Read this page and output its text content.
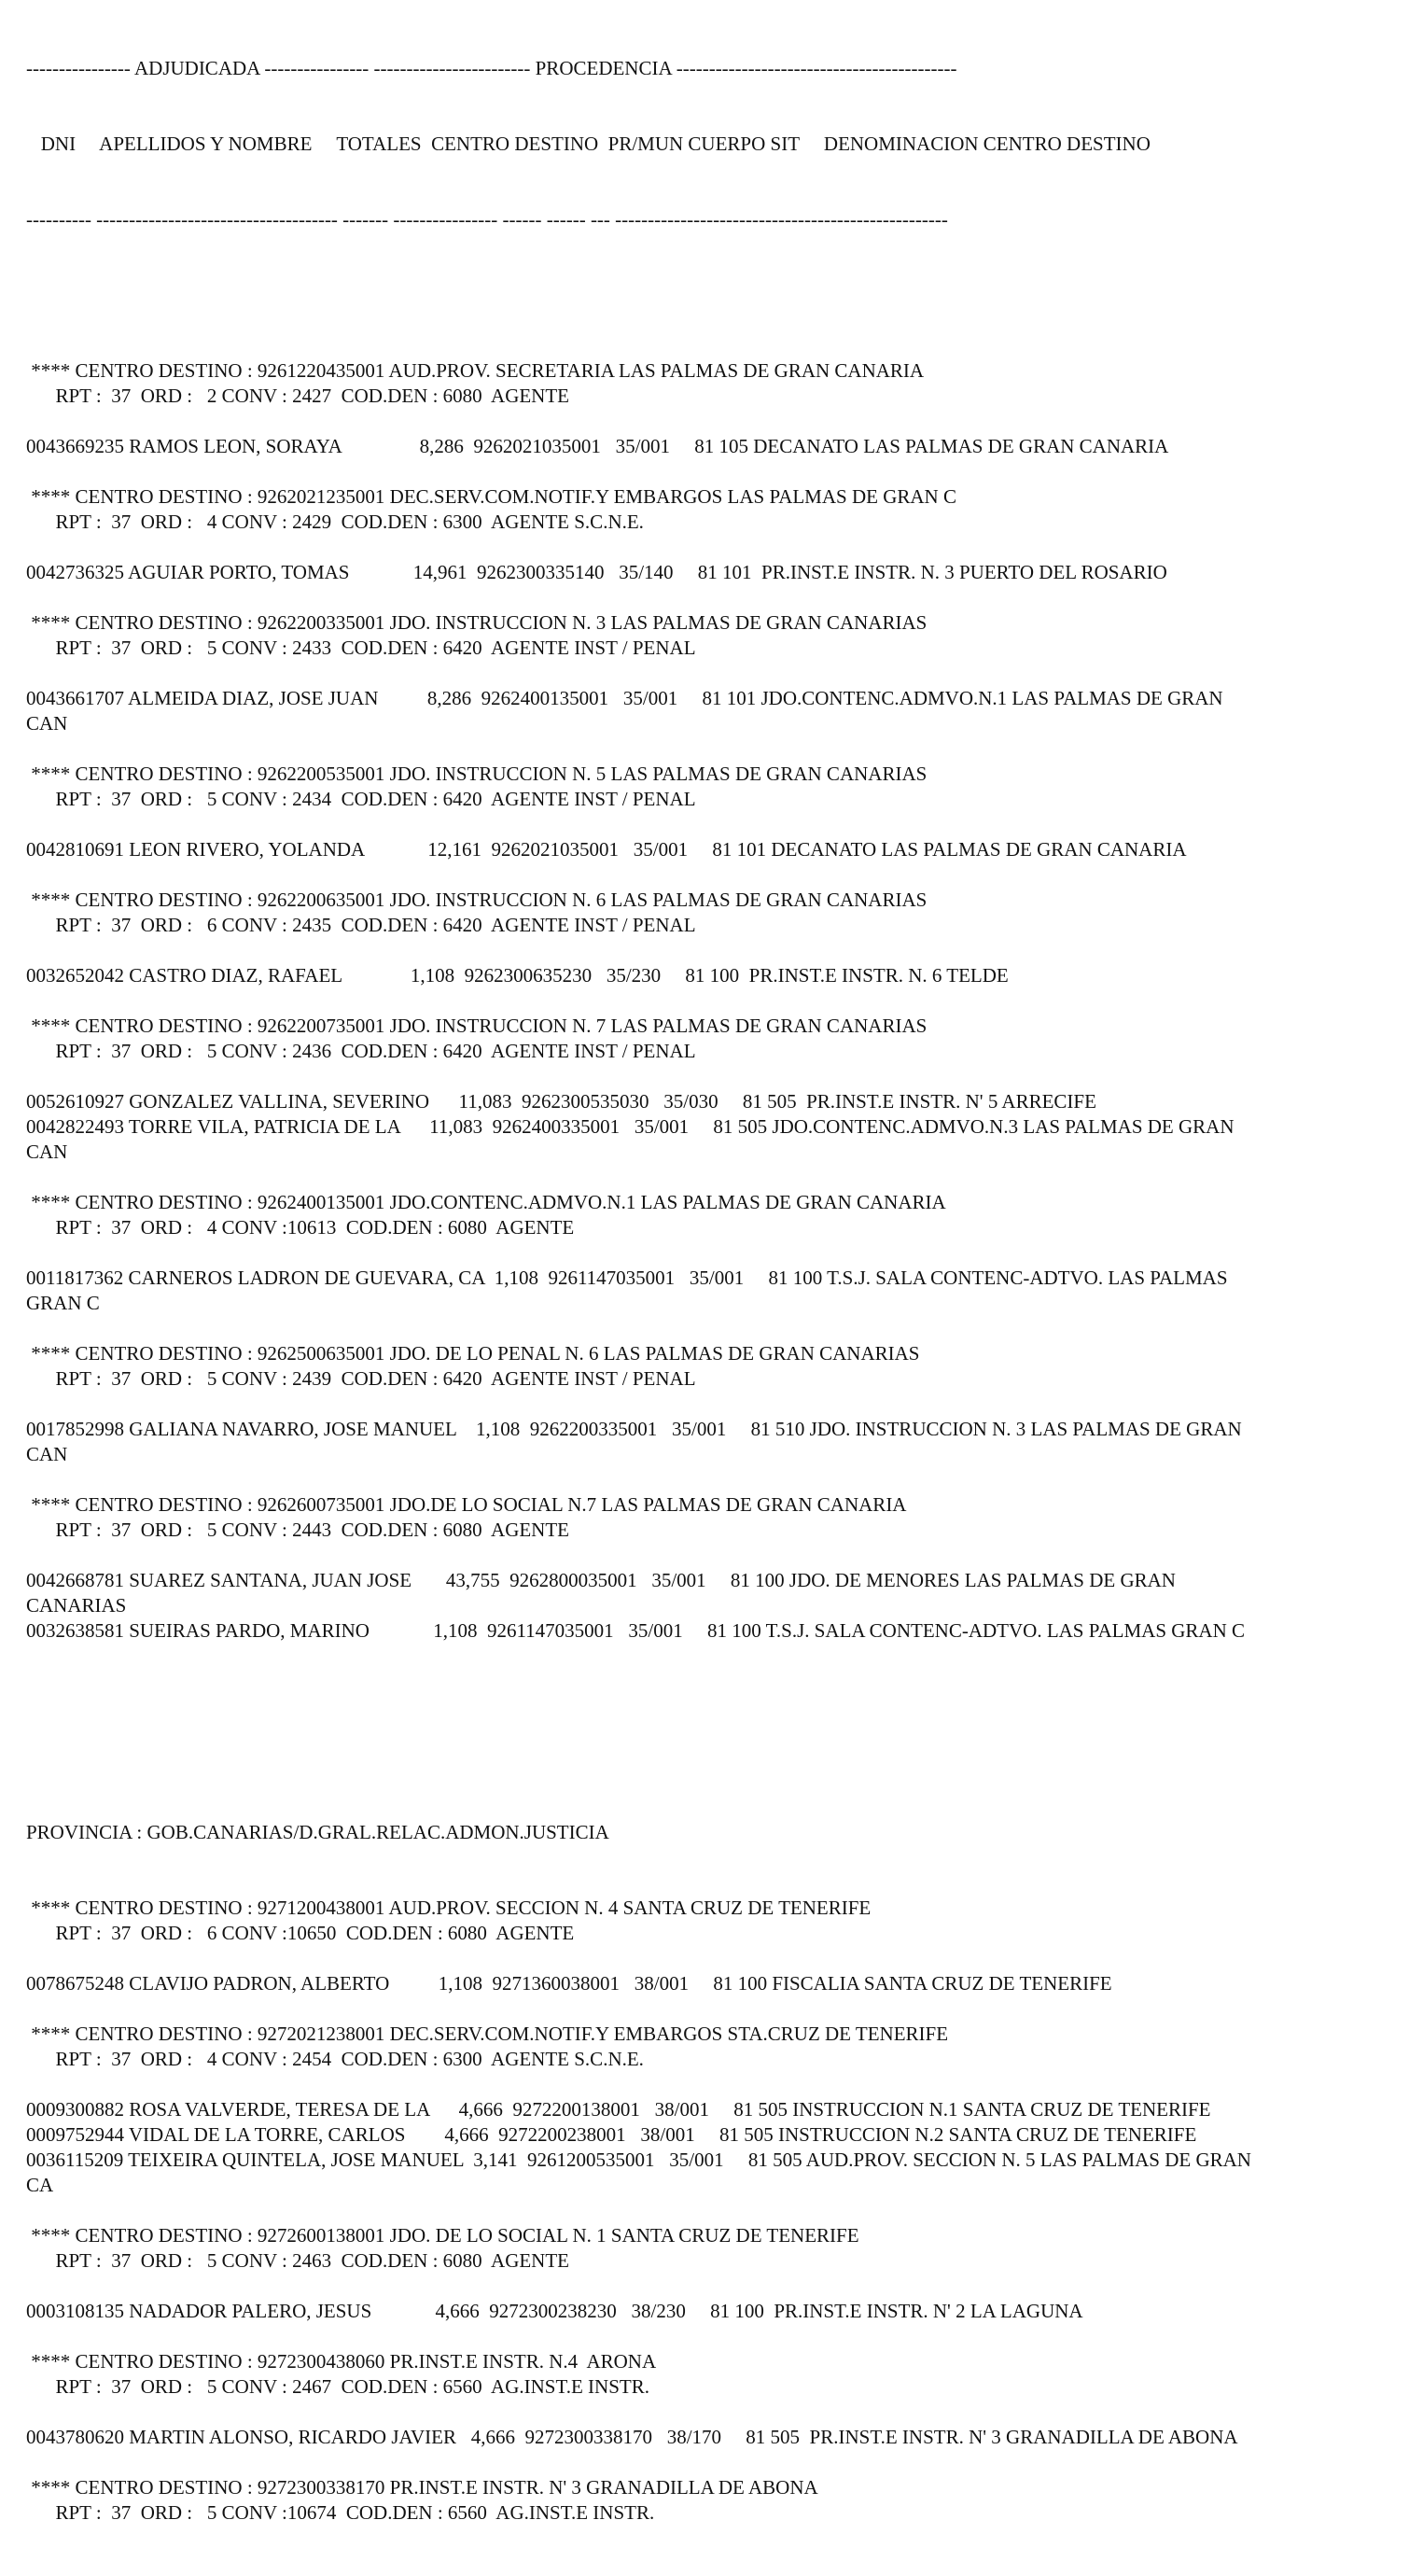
---------------- ADJUDICADA ---------------- ------------------------ PROCEDENCIA -------------------------------------------

DNI     APELLIDOS Y NOMBRE     TOTALES  CENTRO DESTINO  PR/MUN CUERPO SIT     DENOMINACION CENTRO DESTINO

---------- ------------------------------------- ------- ---------------- ------ ------ --- ---------------------------------------------------

**** CENTRO DESTINO : 9261220435001 AUD.PROV. SECRETARIA LAS PALMAS DE GRAN CANARIA
RPT :  37  ORD :   2 CONV : 2427  COD.DEN : 6080  AGENTE
0043669235 RAMOS LEON, SORAYA                8,286  9262021035001   35/001     81 105 DECANATO LAS PALMAS DE GRAN CANARIA
**** CENTRO DESTINO : 9262021235001 DEC.SERV.COM.NOTIF.Y EMBARGOS LAS PALMAS DE GRAN C
RPT :  37  ORD :   4 CONV : 2429  COD.DEN : 6300  AGENTE S.C.N.E.
0042736325 AGUIAR PORTO, TOMAS             14,961  9262300335140   35/140     81 101  PR.INST.E INSTR. N. 3 PUERTO DEL ROSARIO
**** CENTRO DESTINO : 9262200335001 JDO. INSTRUCCION N. 3 LAS PALMAS DE GRAN CANARIAS
RPT :  37  ORD :   5 CONV : 2433  COD.DEN : 6420  AGENTE INST / PENAL
0043661707 ALMEIDA DIAZ, JOSE JUAN          8,286  9262400135001   35/001     81 101 JDO.CONTENC.ADMVO.N.1 LAS PALMAS DE GRAN
CAN
**** CENTRO DESTINO : 9262200535001 JDO. INSTRUCCION N. 5 LAS PALMAS DE GRAN CANARIAS
RPT :  37  ORD :   5 CONV : 2434  COD.DEN : 6420  AGENTE INST / PENAL
0042810691 LEON RIVERO, YOLANDA             12,161  9262021035001   35/001     81 101 DECANATO LAS PALMAS DE GRAN CANARIA
**** CENTRO DESTINO : 9262200635001 JDO. INSTRUCCION N. 6 LAS PALMAS DE GRAN CANARIAS
RPT :  37  ORD :   6 CONV : 2435  COD.DEN : 6420  AGENTE INST / PENAL
0032652042 CASTRO DIAZ, RAFAEL              1,108  9262300635230   35/230     81 100  PR.INST.E INSTR. N. 6 TELDE
**** CENTRO DESTINO : 9262200735001 JDO. INSTRUCCION N. 7 LAS PALMAS DE GRAN CANARIAS
RPT :  37  ORD :   5 CONV : 2436  COD.DEN : 6420  AGENTE INST / PENAL
0052610927 GONZALEZ VALLINA, SEVERINO      11,083  9262300535030   35/030     81 505  PR.INST.E INSTR. N' 5 ARRECIFE
0042822493 TORRE VILA, PATRICIA DE LA      11,083  9262400335001   35/001     81 505 JDO.CONTENC.ADMVO.N.3 LAS PALMAS DE GRAN
CAN
**** CENTRO DESTINO : 9262400135001 JDO.CONTENC.ADMVO.N.1 LAS PALMAS DE GRAN CANARIA
RPT :  37  ORD :   4 CONV :10613  COD.DEN : 6080  AGENTE
0011817362 CARNEROS LADRON DE GUEVARA, CA  1,108  9261147035001   35/001     81 100 T.S.J. SALA CONTENC-ADTVO. LAS PALMAS
GRAN C
**** CENTRO DESTINO : 9262500635001 JDO. DE LO PENAL N. 6 LAS PALMAS DE GRAN CANARIAS
RPT :  37  ORD :   5 CONV : 2439  COD.DEN : 6420  AGENTE INST / PENAL
0017852998 GALIANA NAVARRO, JOSE MANUEL    1,108  9262200335001   35/001     81 510 JDO. INSTRUCCION N. 3 LAS PALMAS DE GRAN
CAN
**** CENTRO DESTINO : 9262600735001 JDO.DE LO SOCIAL N.7 LAS PALMAS DE GRAN CANARIA
RPT :  37  ORD :   5 CONV : 2443  COD.DEN : 6080  AGENTE
0042668781 SUAREZ SANTANA, JUAN JOSE       43,755  9262800035001   35/001     81 100 JDO. DE MENORES LAS PALMAS DE GRAN
CANARIAS
0032638581 SUEIRAS PARDO, MARINO             1,108  9261147035001   35/001     81 100 T.S.J. SALA CONTENC-ADTVO. LAS PALMAS GRAN C

PROVINCIA : GOB.CANARIAS/D.GRAL.RELAC.ADMON.JUSTICIA

**** CENTRO DESTINO : 9271200438001 AUD.PROV. SECCION N. 4 SANTA CRUZ DE TENERIFE
RPT :  37  ORD :   6 CONV :10650  COD.DEN : 6080  AGENTE
0078675248 CLAVIJO PADRON, ALBERTO          1,108  9271360038001   38/001     81 100 FISCALIA SANTA CRUZ DE TENERIFE
**** CENTRO DESTINO : 9272021238001 DEC.SERV.COM.NOTIF.Y EMBARGOS STA.CRUZ DE TENERIFE
RPT :  37  ORD :   4 CONV : 2454  COD.DEN : 6300  AGENTE S.C.N.E.
0009300882 ROSA VALVERDE, TERESA DE LA      4,666  9272200138001   38/001     81 505 INSTRUCCION N.1 SANTA CRUZ DE TENERIFE
0009752944 VIDAL DE LA TORRE, CARLOS        4,666  9272200238001   38/001     81 505 INSTRUCCION N.2 SANTA CRUZ DE TENERIFE
0036115209 TEIXEIRA QUINTELA, JOSE MANUEL  3,141  9261200535001   35/001     81 505 AUD.PROV. SECCION N. 5 LAS PALMAS DE GRAN
CA
**** CENTRO DESTINO : 9272600138001 JDO. DE LO SOCIAL N. 1 SANTA CRUZ DE TENERIFE
RPT :  37  ORD :   5 CONV : 2463  COD.DEN : 6080  AGENTE
0003108135 NADADOR PALERO, JESUS             4,666  9272300238230   38/230     81 100  PR.INST.E INSTR. N' 2 LA LAGUNA
**** CENTRO DESTINO : 9272300438060 PR.INST.E INSTR. N.4  ARONA
RPT :  37  ORD :   5 CONV : 2467  COD.DEN : 6560  AG.INST.E INSTR.
0043780620 MARTIN ALONSO, RICARDO JAVIER   4,666  9272300338170   38/170     81 505  PR.INST.E INSTR. N' 3 GRANADILLA DE ABONA
**** CENTRO DESTINO : 9272300338170 PR.INST.E INSTR. N' 3 GRANADILLA DE ABONA
RPT :  37  ORD :   5 CONV :10674  COD.DEN : 6560  AG.INST.E INSTR.
